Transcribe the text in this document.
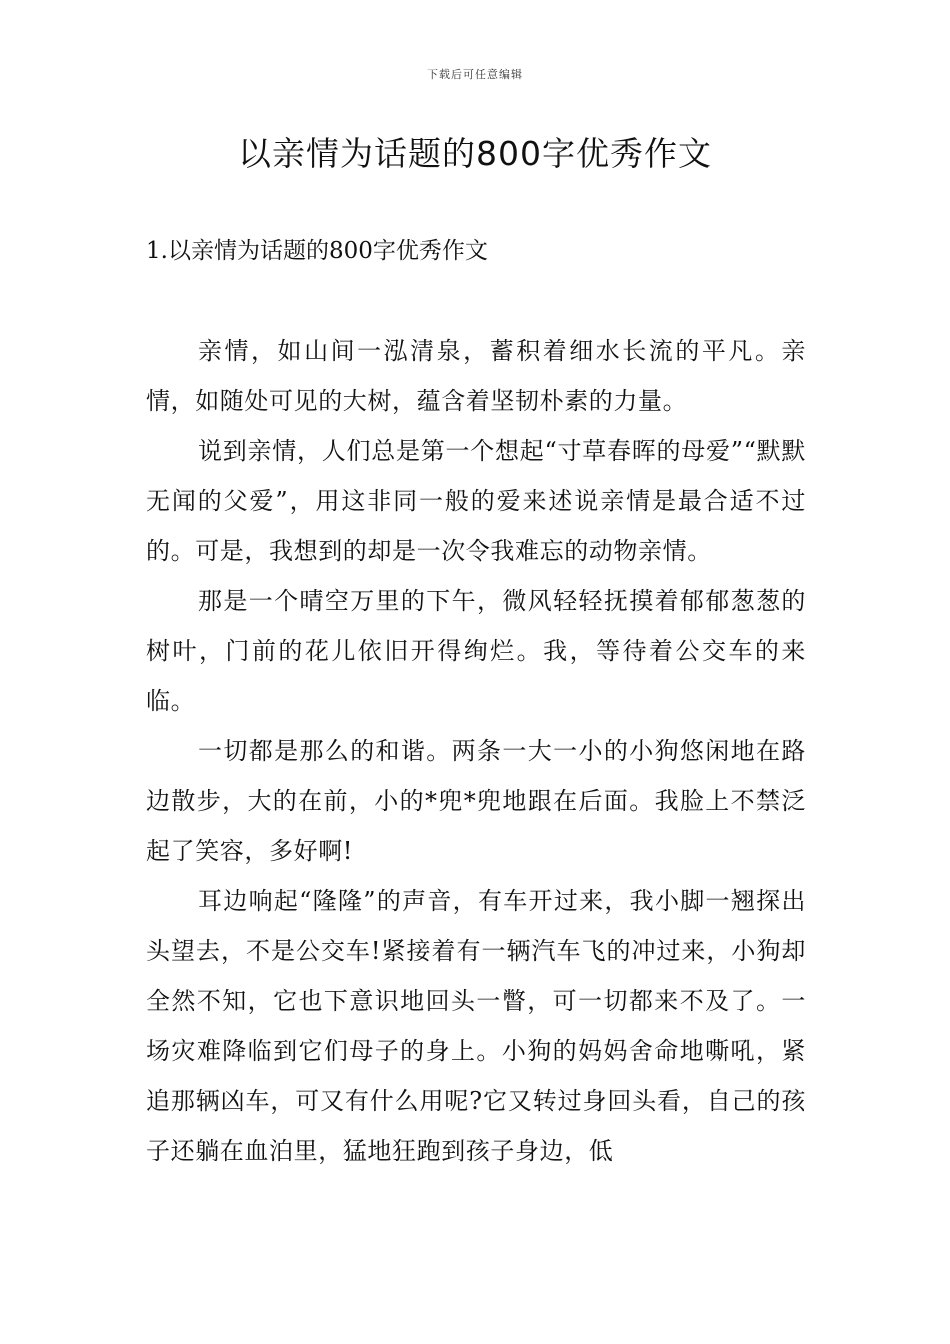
下载后可任意编辑
以亲情为话题的800字优秀作文
1.以亲情为话题的800字优秀作文

亲情，如山间一泓清泉，蓄积着细水长流的平凡。亲情，如随处可见的大树，蕴含着坚韧朴素的力量。

说到亲情，人们总是第一个想起“寸草春晖的母爱”“默默无闻的父爱”，用这非同一般的爱来述说亲情是最合适不过的。可是，我想到的却是一次令我难忘的动物亲情。

那是一个晴空万里的下午，微风轻轻抚摸着郁郁葱葱的树叶，门前的花儿依旧开得绚烂。我，等待着公交车的来临。

一切都是那么的和谐。两条一大一小的小狗悠闲地在路边散步，大的在前，小的*兜*兜地跟在后面。我脸上不禁泛起了笑容，多好啊!

耳边响起“隆隆”的声音，有车开过来，我小脚一翘探出头望去，不是公交车!紧接着有一辆汽车飞的冲过来，小狗却全然不知，它也下意识地回头一瞥，可一切都来不及了。一场灾难降临到它们母子的身上。小狗的妈妈舍命地嘶吼，紧追那辆凶车，可又有什么用呢?它又转过身回头看，自己的孩子还躺在血泊里，猛地狂跑到孩子身边，低
